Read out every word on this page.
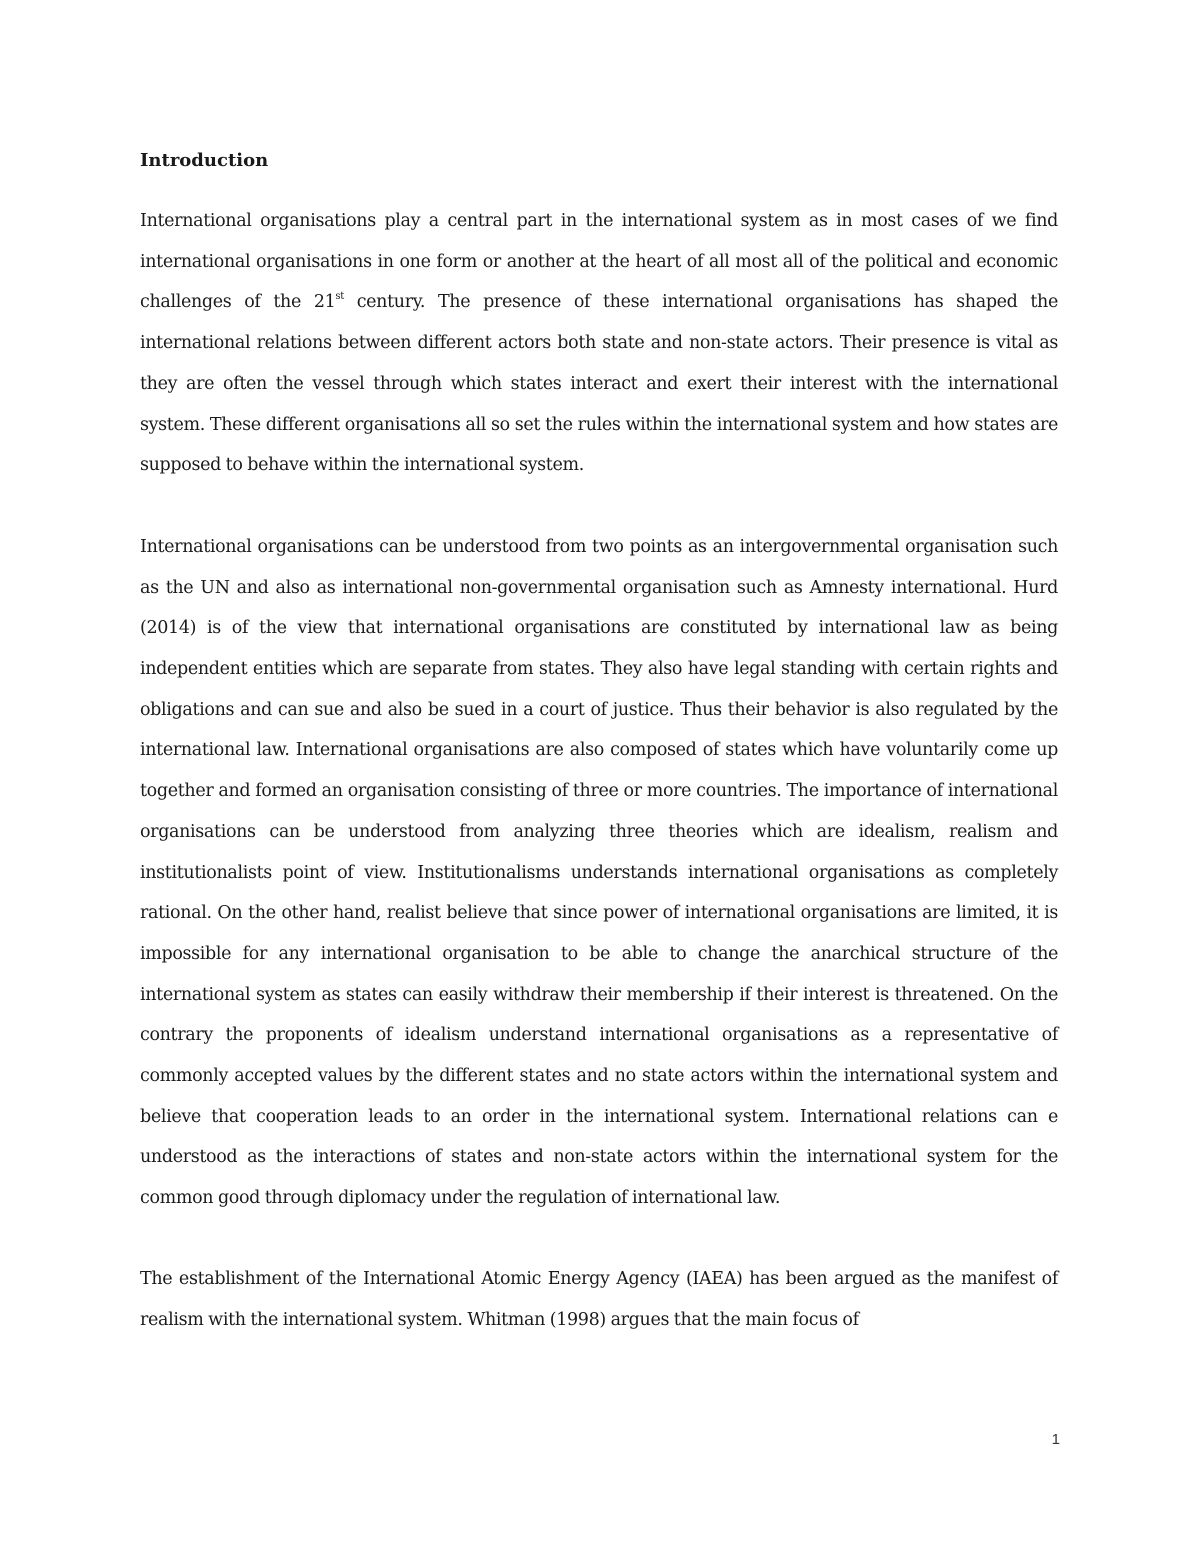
Introduction

International organisations play a central part in the international system as in most cases of we find international organisations in one form or another at the heart of all most all of the political and economic challenges of the 21st century. The presence of these international organisations has shaped the international relations between different actors both state and non-state actors. Their presence is vital as they are often the vessel through which states interact and exert their interest with the international system. These different organisations all so set the rules within the international system and how states are supposed to behave within the international system.

International organisations can be understood from two points as an intergovernmental organisation such as the UN and also as international non-governmental organisation such as Amnesty international. Hurd (2014) is of the view that international organisations are constituted by international law as being independent entities which are separate from states. They also have legal standing with certain rights and obligations and can sue and also be sued in a court of justice. Thus their behavior is also regulated by the international law. International organisations are also composed of states which have voluntarily come up together and formed an organisation consisting of three or more countries. The importance of international organisations can be understood from analyzing three theories which are idealism, realism and institutionalists point of view. Institutionalisms understands international organisations as completely rational. On the other hand, realist believe that since power of international organisations are limited, it is impossible for any international organisation to be able to change the anarchical structure of the international system as states can easily withdraw their membership if their interest is threatened. On the contrary the proponents of idealism understand international organisations as a representative of commonly accepted values by the different states and no state actors within the international system and believe that cooperation leads to an order in the international system. International relations can e understood as the interactions of states and non-state actors within the international system for the common good through diplomacy under the regulation of international law.

The establishment of the International Atomic Energy Agency (IAEA) has been argued as the manifest of realism with the international system. Whitman (1998) argues that the main focus of

1
